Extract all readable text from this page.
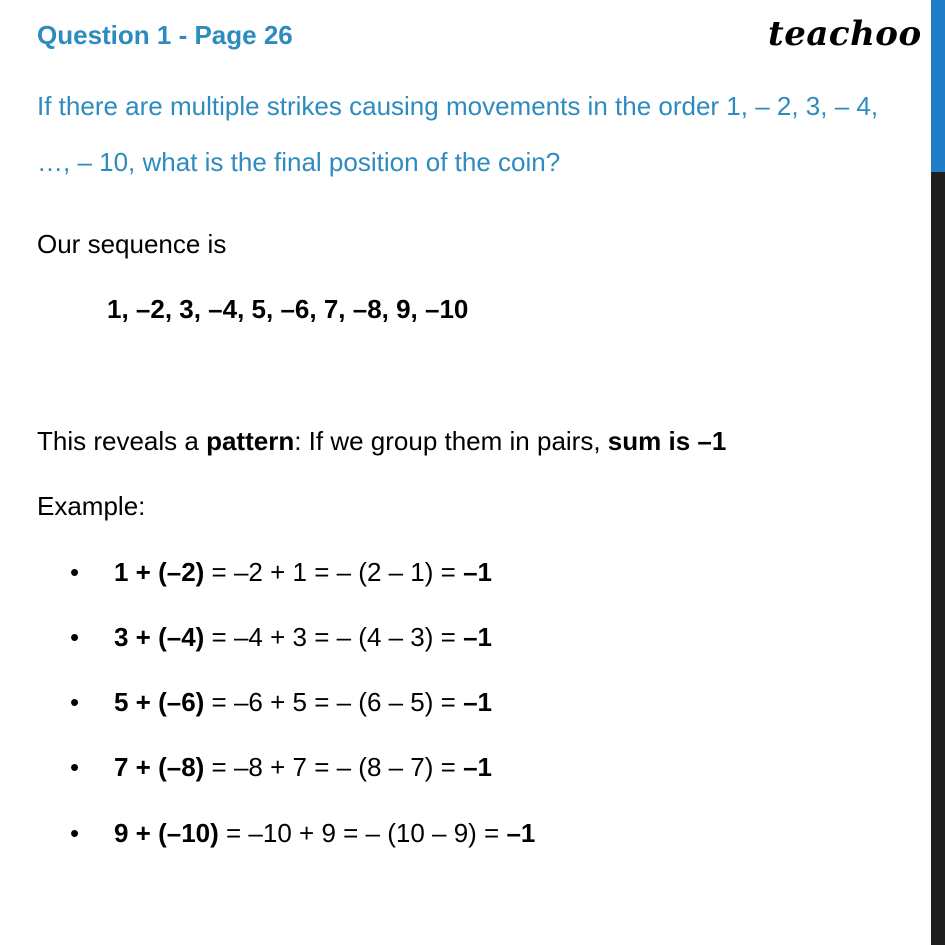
Question 1 - Page 26	teachoo
If there are multiple strikes causing movements in the order 1, – 2, 3, – 4, …, – 10, what is the final position of the coin?
Our sequence is
1, –2, 3, –4, 5, –6, 7, –8, 9, –10
This reveals a pattern: If we group them in pairs, sum is –1
Example:
• 1 + (–2) = –2 + 1 = – (2 – 1) = –1
• 3 + (–4) = –4 + 3 = – (4 – 3) = –1
• 5 + (–6) = –6 + 5 = – (6 – 5) = –1
• 7 + (–8) = –8 + 7 = – (8 – 7) = –1
• 9 + (–10) = –10 + 9 = – (10 – 9) = –1
